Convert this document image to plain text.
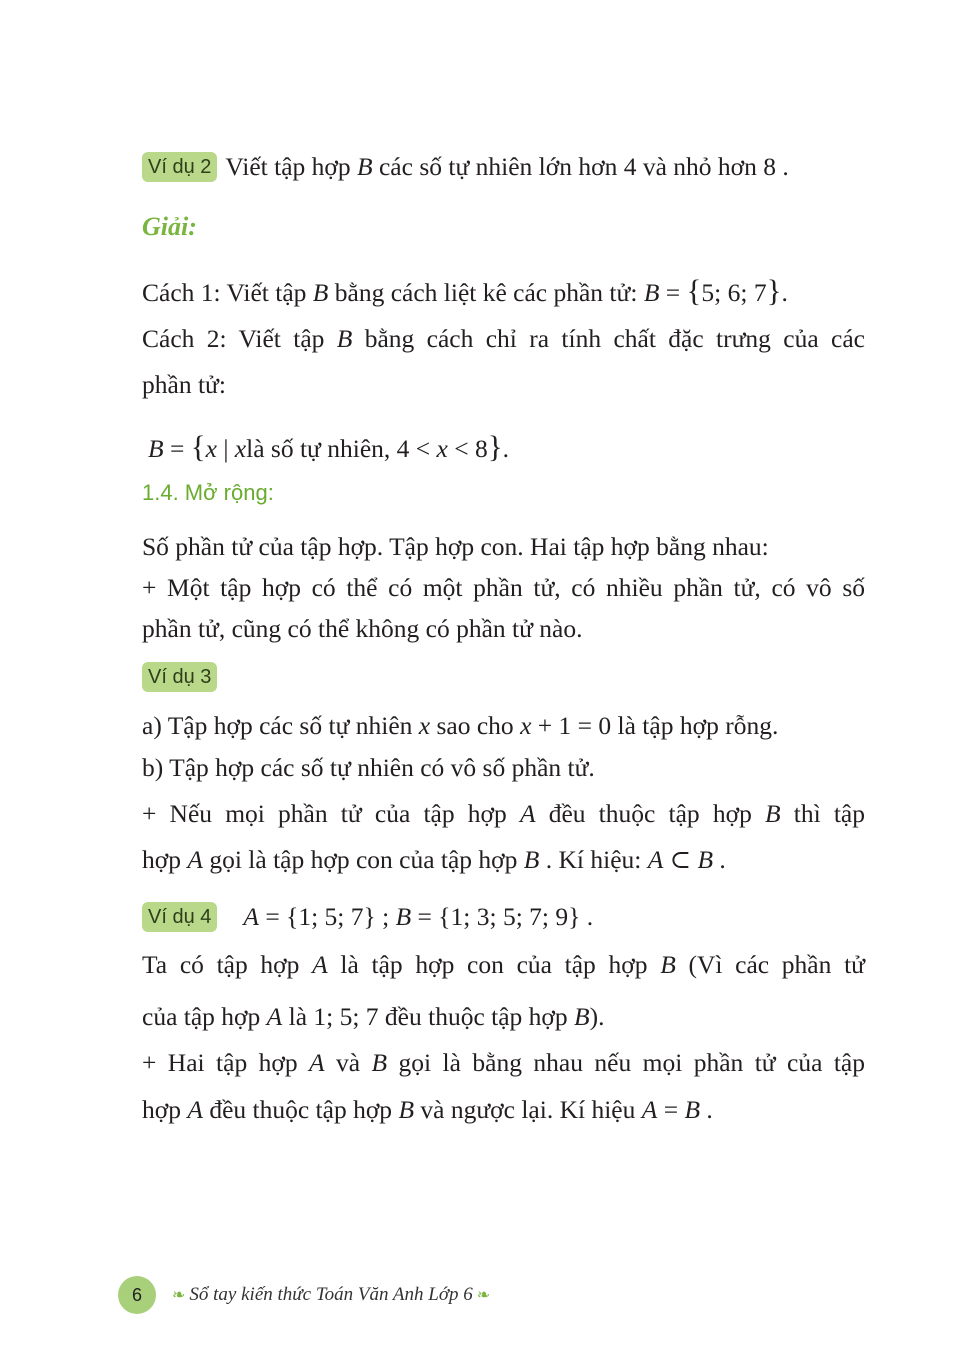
Ví dụ 2 Viết tập hợp B các số tự nhiên lớn hơn 4 và nhỏ hơn 8 .
Giải:
Cách 1: Viết tập B bằng cách liệt kê các phần tử: B = {5; 6; 7}.
Cách 2: Viết tập B bằng cách chỉ ra tính chất đặc trưng của các
phần tử:
B = {x | xlà số tự nhiên, 4 < x < 8}.
1.4. Mở rộng:
Số phần tử của tập hợp. Tập hợp con. Hai tập hợp bằng nhau:
+ Một tập hợp có thể có một phần tử, có nhiều phần tử, có vô số
phần tử, cũng có thể không có phần tử nào.
Ví dụ 3
a) Tập hợp các số tự nhiên x sao cho x + 1 = 0 là tập hợp rỗng.
b) Tập hợp các số tự nhiên có vô số phần tử.
+ Nếu mọi phần tử của tập hợp A đều thuộc tập hợp B thì tập
hợp A gọi là tập hợp con của tập hợp B . Kí hiệu: A ⊂ B .
Ví dụ 4 A = {1; 5; 7} ; B = {1; 3; 5; 7; 9} .
Ta có tập hợp A là tập hợp con của tập hợp B (Vì các phần tử
của tập hợp A là 1; 5; 7 đều thuộc tập hợp B).
+ Hai tập hợp A và B gọi là bằng nhau nếu mọi phần tử của tập
hợp A đều thuộc tập hợp B và ngược lại. Kí hiệu A = B .
6	❧ Sổ tay kiến thức Toán Văn Anh Lớp 6 ❧
